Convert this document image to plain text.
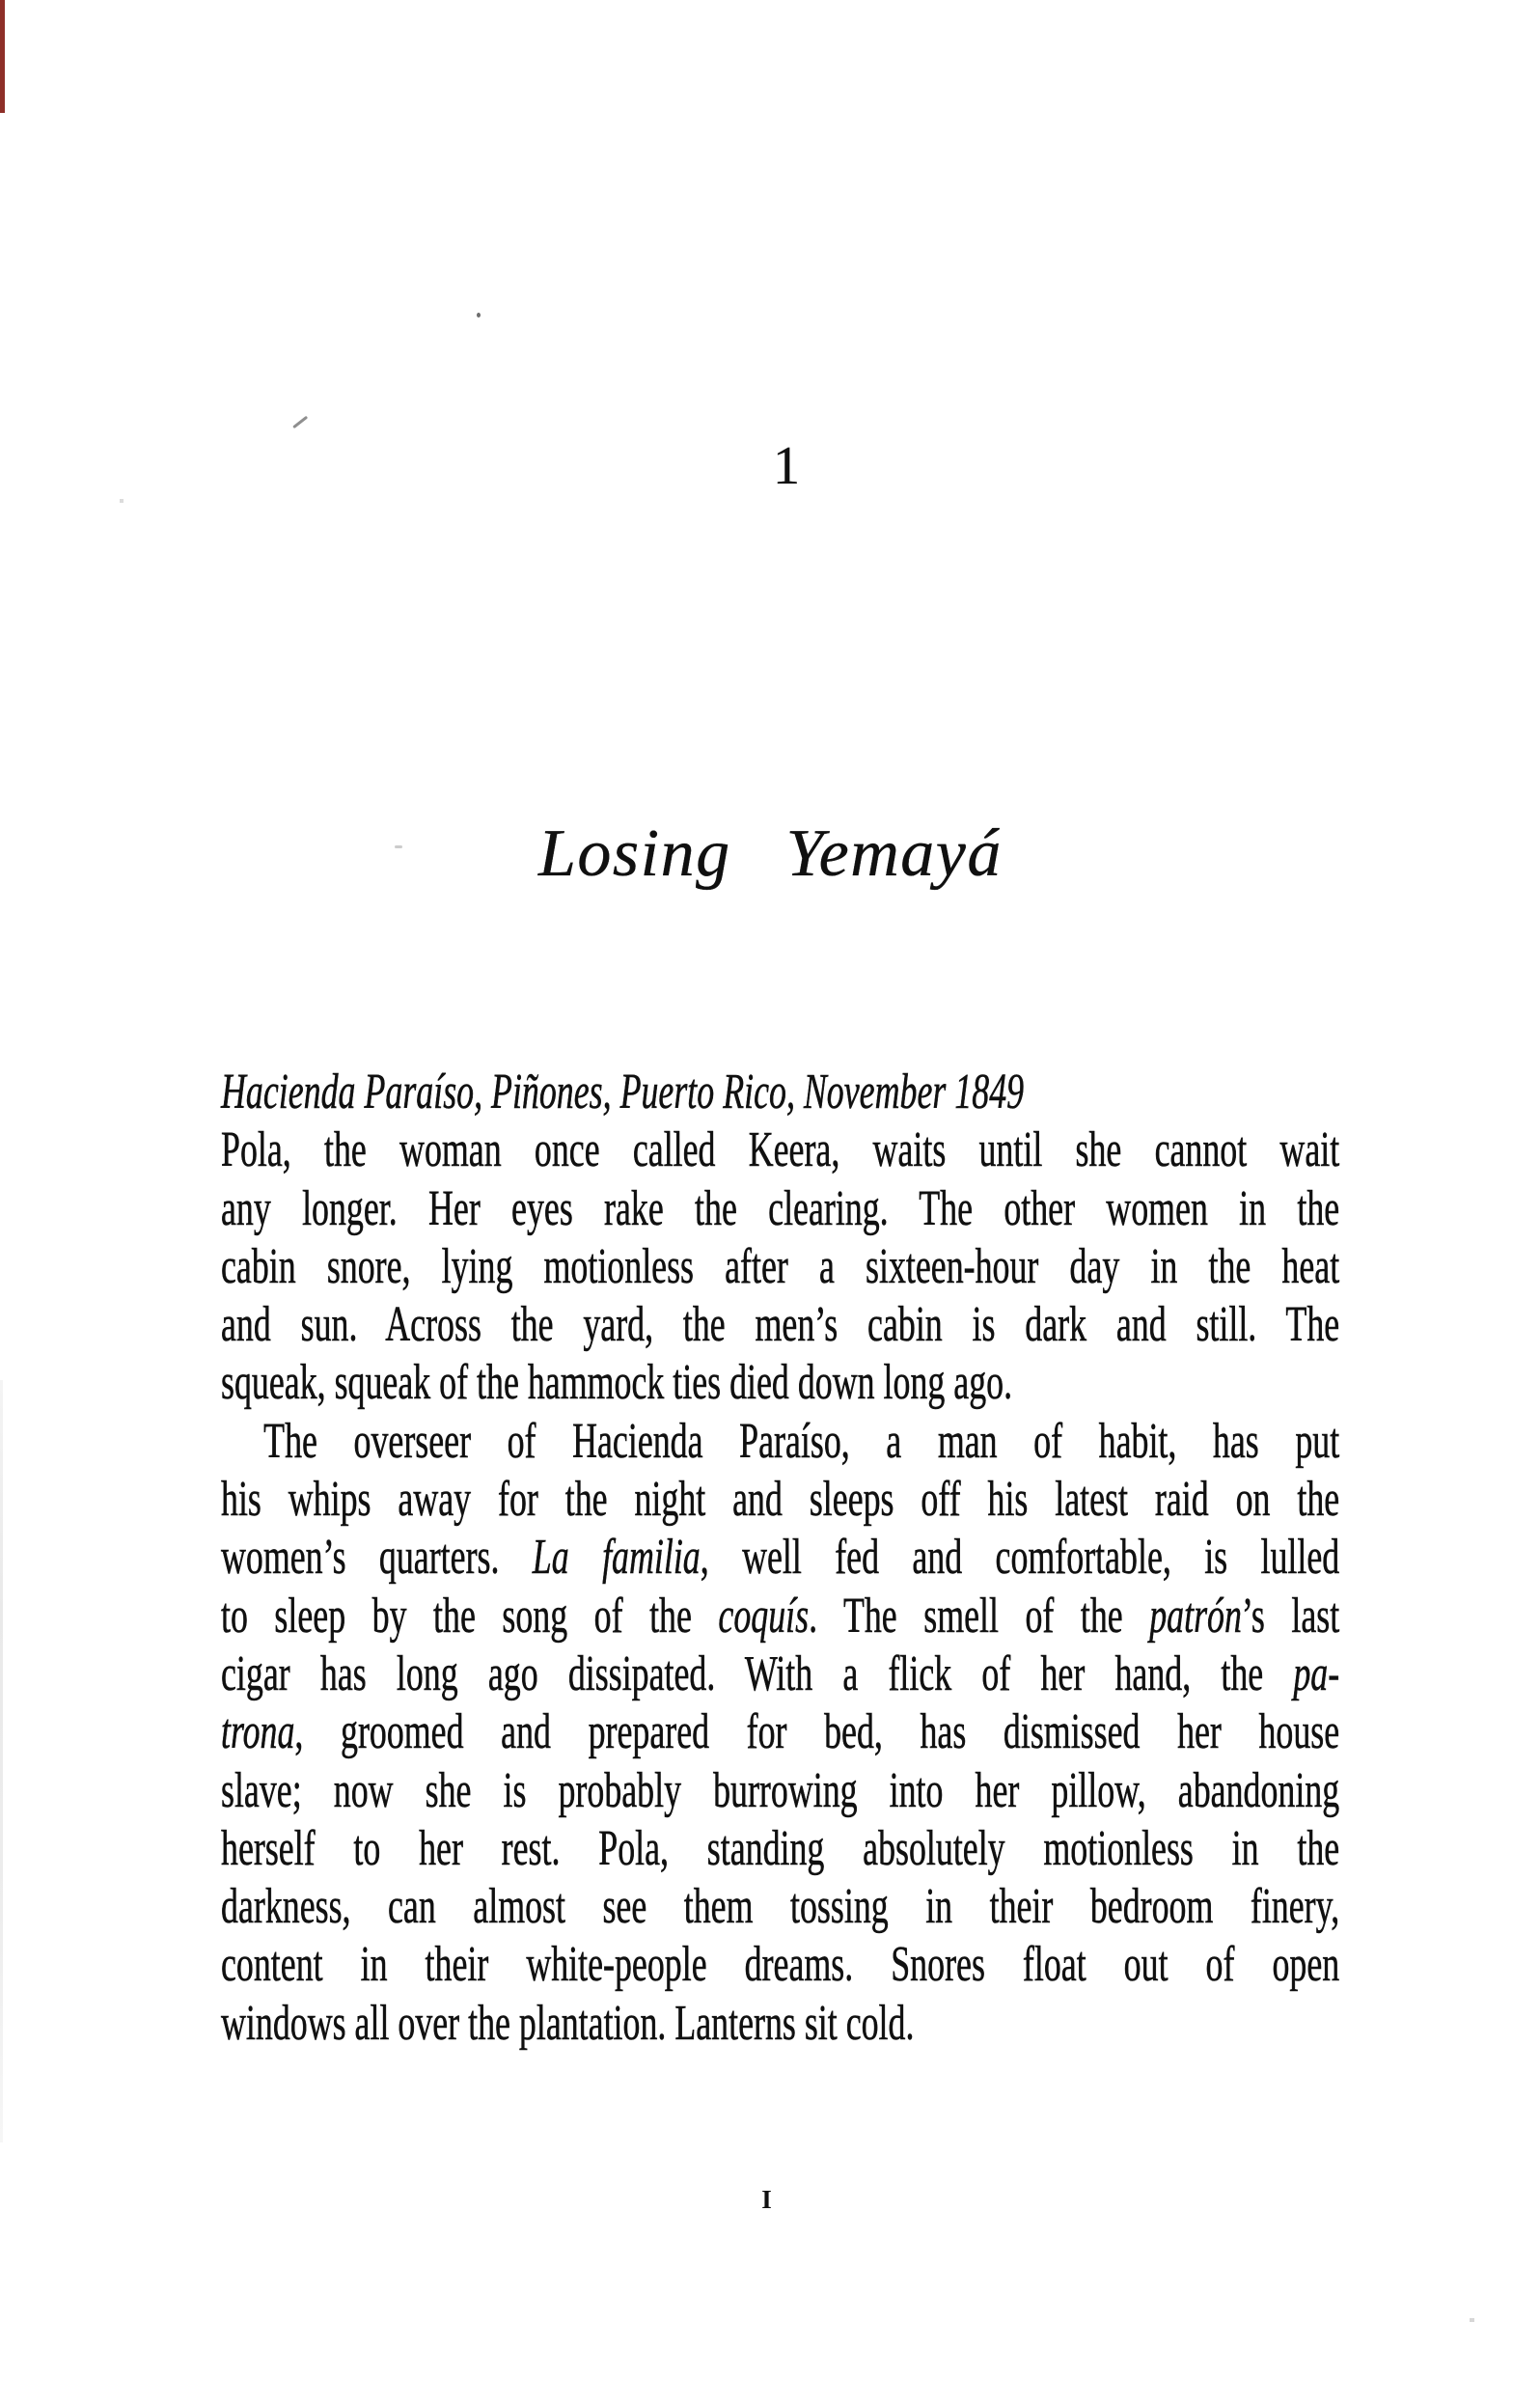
1
Losing Yemayá
Hacienda Paraíso, Piñones, Puerto Rico, November 1849
Pola, the woman once called Keera, waits until she cannot wait
any longer. Her eyes rake the clearing. The other women in the
cabin snore, lying motionless after a sixteen-hour day in the heat
and sun. Across the yard, the men’s cabin is dark and still. The
squeak, squeak of the hammock ties died down long ago.
The overseer of Hacienda Paraíso, a man of habit, has put
his whips away for the night and sleeps off his latest raid on the
women’s quarters. La familia, well fed and comfortable, is lulled
to sleep by the song of the coquís. The smell of the patrón’s last
cigar has long ago dissipated. With a flick of her hand, the pa-
trona, groomed and prepared for bed, has dismissed her house
slave; now she is probably burrowing into her pillow, abandoning
herself to her rest. Pola, standing absolutely motionless in the
darkness, can almost see them tossing in their bedroom finery,
content in their white-people dreams. Snores float out of open
windows all over the plantation. Lanterns sit cold.
I
